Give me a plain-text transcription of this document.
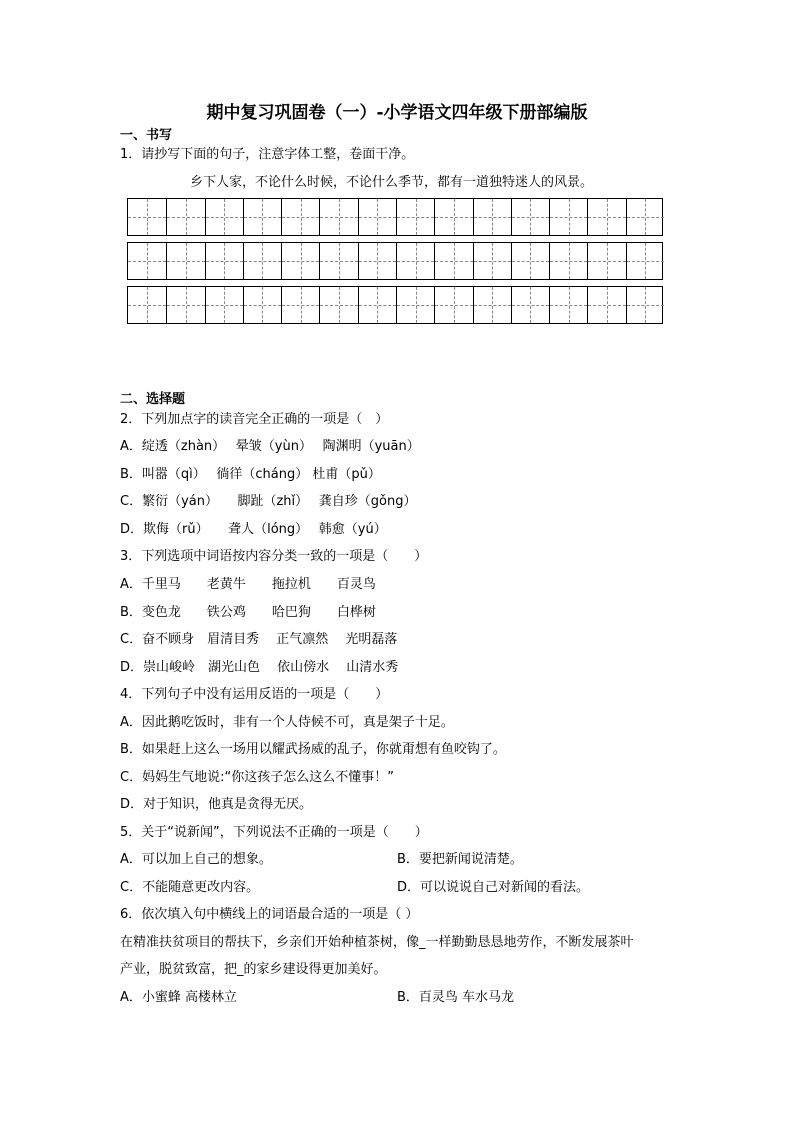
期中复习巩固卷（一）-小学语文四年级下册部编版
一、书写
1．请抄写下面的句子，注意字体工整，卷面干净。
乡下人家，不论什么时候，不论什么季节，都有一道独特迷人的风景。
二、选择题
2．下列加点字的读音完全正确的一项是（　）
A．绽透（zhàn）　 晕皱（yùn）　 陶渊明（yuān）
B．叫嚣（qì）　 徜徉（cháng） 杜甫（pǔ）
C．繁衍（yán）　　脚趾（zhǐ）　 龚自珍（gǒng）
D．欺侮（rǔ）　　聋人（lóng）　 韩愈（yú）
3．下列选项中词语按内容分类一致的一项是（　　）
A．千里马　　老黄牛　　拖拉机　　百灵鸟
B．变色龙　　铁公鸡　　哈巴狗　　白桦树
C．奋不顾身　眉清目秀　 正气凛然　 光明磊落
D．崇山峻岭　湖光山色　 依山傍水　 山清水秀
4．下列句子中没有运用反语的一项是（　　）
A．因此鹅吃饭时，非有一个人侍候不可，真是架子十足。
B．如果赶上这么一场用以耀武扬威的乱子，你就甭想有鱼咬钩了。
C．妈妈生气地说:“你这孩子怎么这么不懂事！”
D．对于知识，他真是贪得无厌。
5．关于“说新闻”，下列说法不正确的一项是（　　）
A．可以加上自己的想象。	B．要把新闻说清楚。
C．不能随意更改内容。	D．可以说说自己对新闻的看法。
6．依次填入句中横线上的词语最合适的一项是（ ）
在精准扶贫项目的帮扶下，乡亲们开始种植茶树，像_一样勤勤恳恳地劳作，不断发展茶叶
产业，脱贫致富，把_的家乡建设得更加美好。
A．小蜜蜂 高楼林立	B．百灵鸟 车水马龙
